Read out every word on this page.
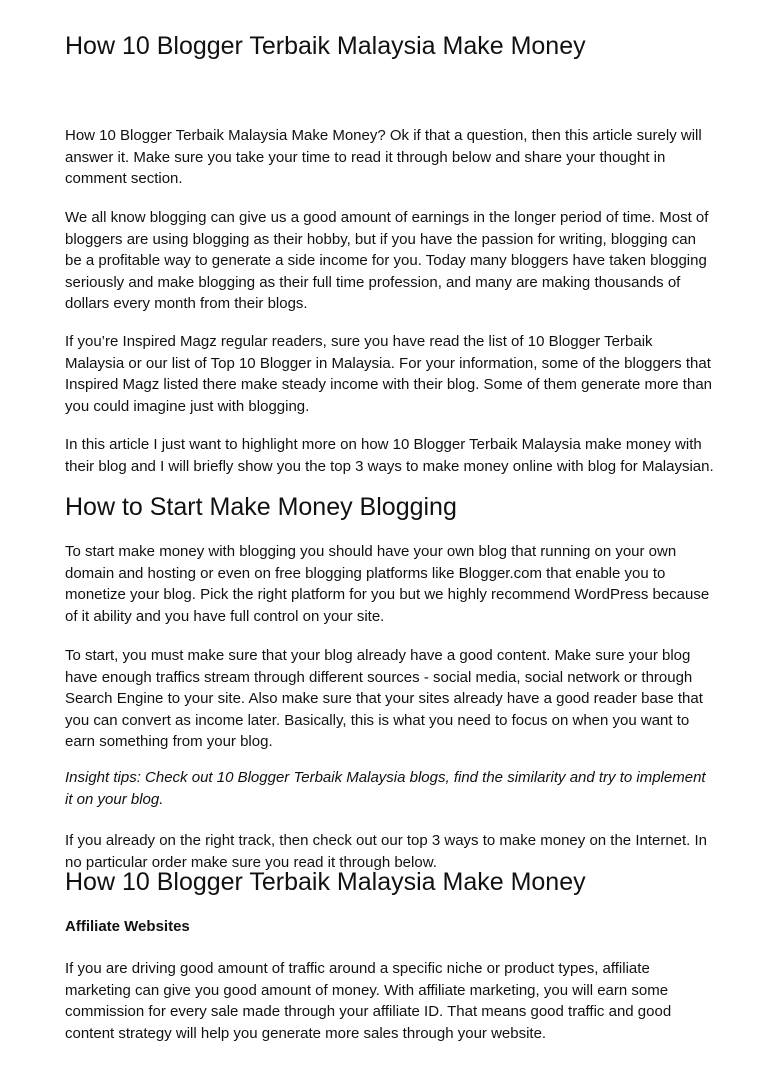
How 10 Blogger Terbaik Malaysia Make Money

How 10 Blogger Terbaik Malaysia Make Money? Ok if that a question, then this article surely will answer it. Make sure you take your time to read it through below and share your thought in comment section.

We all know blogging can give us a good amount of earnings in the longer period of time. Most of bloggers are using blogging as their hobby, but if you have the passion for writing, blogging can be a profitable way to generate a side income for you. Today many bloggers have taken blogging seriously and make blogging as their full time profession, and many are making thousands of dollars every month from their blogs.

If you’re Inspired Magz regular readers, sure you have read the list of 10 Blogger Terbaik Malaysia or our list of Top 10 Blogger in Malaysia. For your information, some of the bloggers that Inspired Magz listed there make steady income with their blog. Some of them generate more than you could imagine just with blogging.

In this article I just want to highlight more on how 10 Blogger Terbaik Malaysia make money with their blog and I will briefly show you the top 3 ways to make money online with blog for Malaysian.

How to Start Make Money Blogging

To start make money with blogging you should have your own blog that running on your own domain and hosting or even on free blogging platforms like Blogger.com that enable you to monetize your blog. Pick the right platform for you but we highly recommend WordPress because of it ability and you have full control on your site.

To start, you must make sure that your blog already have a good content. Make sure your blog have enough traffics stream through different sources - social media, social network or through Search Engine to your site. Also make sure that your sites already have a good reader base that you can convert as income later. Basically, this is what you need to focus on when you want to earn something from your blog.

Insight tips: Check out 10 Blogger Terbaik Malaysia blogs, find the similarity and try to implement it on your blog.

If you already on the right track, then check out our top 3 ways to make money on the Internet. In no particular order make sure you read it through below.

How 10 Blogger Terbaik Malaysia Make Money
Affiliate Websites

If you are driving good amount of traffic around a specific niche or product types, affiliate marketing can give you good amount of money. With affiliate marketing, you will earn some commission for every sale made through your affiliate ID. That means good traffic and good content strategy will help you generate more sales through your website.
